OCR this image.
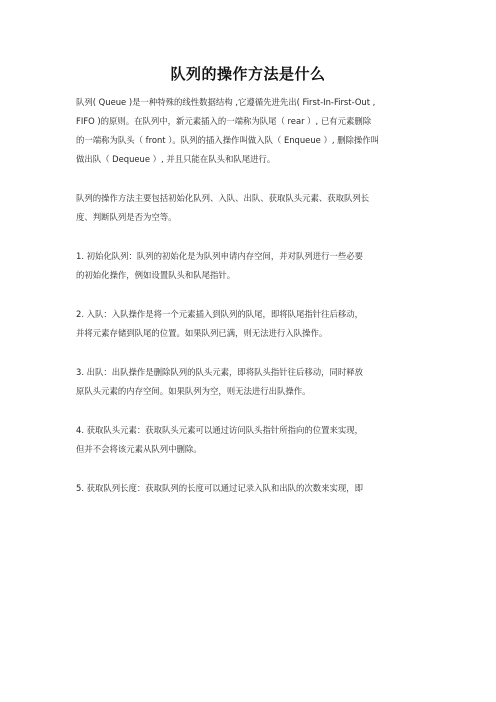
队列的操作方法是什么
队列( Queue )是一种特殊的线性数据结构 ,它遵循先进先出( First-In-First-Out ,
FIFO )的原则。在队列中，新元素插入的一端称为队尾（ rear ）, 已有元素删除
的一端称为队头（ front ）。队列的插入操作叫做入队（ Enqueue ）, 删除操作叫
做出队（ Dequeue ）, 并且只能在队头和队尾进行。
队列的操作方法主要包括初始化队列、入队、出队、获取队头元素、获取队列长
度、判断队列是否为空等。
1. 初始化队列：队列的初始化是为队列申请内存空间，并对队列进行一些必要
的初始化操作，例如设置队头和队尾指针。
2. 入队：入队操作是将一个元素插入到队列的队尾，即将队尾指针往后移动，
并将元素存储到队尾的位置。如果队列已满，则无法进行入队操作。
3. 出队：出队操作是删除队列的队头元素，即将队头指针往后移动，同时释放
原队头元素的内存空间。如果队列为空，则无法进行出队操作。
4. 获取队头元素：获取队头元素可以通过访问队头指针所指向的位置来实现，
但并不会将该元素从队列中删除。
5. 获取队列长度：获取队列的长度可以通过记录入队和出队的次数来实现，即
